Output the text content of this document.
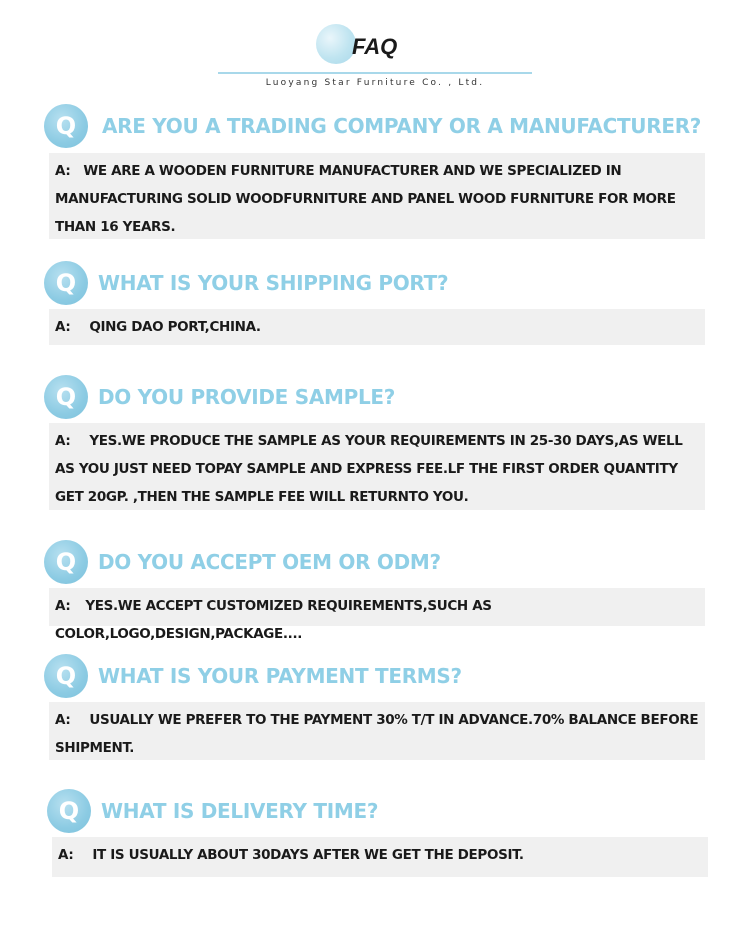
FAQ
Luoyang Star Furniture Co. , Ltd.
Q	ARE YOU A TRADING COMPANY OR A MANUFACTURER?
A: WE ARE A WOODEN FURNITURE MANUFACTURER AND WE SPECIALIZED IN MANUFACTURING SOLID WOODFURNITURE AND PANEL WOOD FURNITURE FOR MORE THAN 16 YEARS.
Q	WHAT IS YOUR SHIPPING PORT?
A: QING DAO PORT,CHINA.
Q	DO YOU PROVIDE SAMPLE?
A: YES.WE PRODUCE THE SAMPLE AS YOUR REQUIREMENTS IN 25-30 DAYS,AS WELL AS YOU JUST NEED TOPAY SAMPLE AND EXPRESS FEE.LF THE FIRST ORDER QUANTITY GET 20GP. ,THEN THE SAMPLE FEE WILL RETURNTO YOU.
Q	DO YOU ACCEPT OEM OR ODM?
A: YES.WE ACCEPT CUSTOMIZED REQUIREMENTS,SUCH AS COLOR,LOGO,DESIGN,PACKAGE....
Q	WHAT IS YOUR PAYMENT TERMS?
A: USUALLY WE PREFER TO THE PAYMENT 30% T/T IN ADVANCE.70% BALANCE BEFORE SHIPMENT.
Q	WHAT IS DELIVERY TIME?
A: IT IS USUALLY ABOUT 30DAYS AFTER WE GET THE DEPOSIT.
